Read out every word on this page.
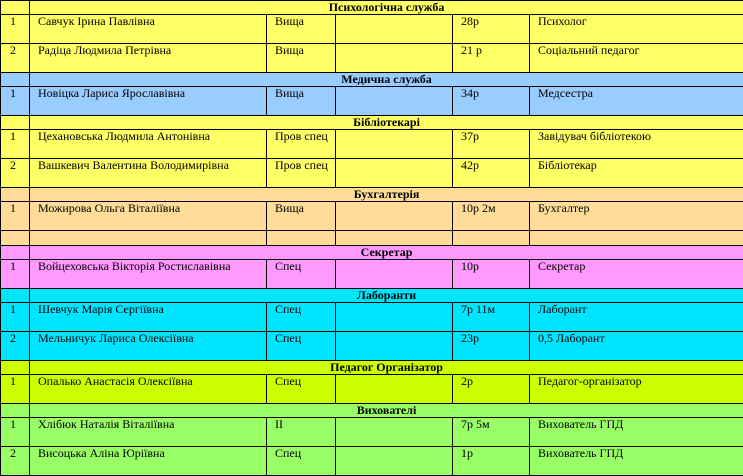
	Психологічна служба				
1	Савчук Ірина Павлівна	Вища		28р	Психолог
2	Радіца Людмила Петрівна	Вища		21 р	Соціальний педагог
	Медична служба				
1	Новіцка Лариса Ярославівна	Вища		34р	Медсестра
	Бібліотекарі				
1	Цехановська Людмила Антонівна	Пров спец		37р	Завідувач бібліотекою
2	Вашкевич Валентина Володимирівна	Пров спец		42р	Бібліотекар
	Бухгалтерія				
1	Можирова Ольга Віталіївна	Вища		10р 2м	Бухгалтер

	Секретар				
1	Войцеховська Вікторія Ростиславівна	Спец		10р	Секретар
	Лаборанти				
1	Шевчук Марія Сергіївна	Спец		7р 11м	Лаборант
2	Мельничук Лариса Олексіївна	Спец		23р	0,5 Лаборант
	Педагог Організатор				
1	Опалько Анастасія Олексіївна	Спец		2р	Педагог-організатор
	Вихователі				
1	Хлібюк Наталія Віталіївна	ІІ		7р 5м	Вихователь ГПД
2	Висоцька Аліна Юріївна	Спец		1р	Вихователь ГПД
